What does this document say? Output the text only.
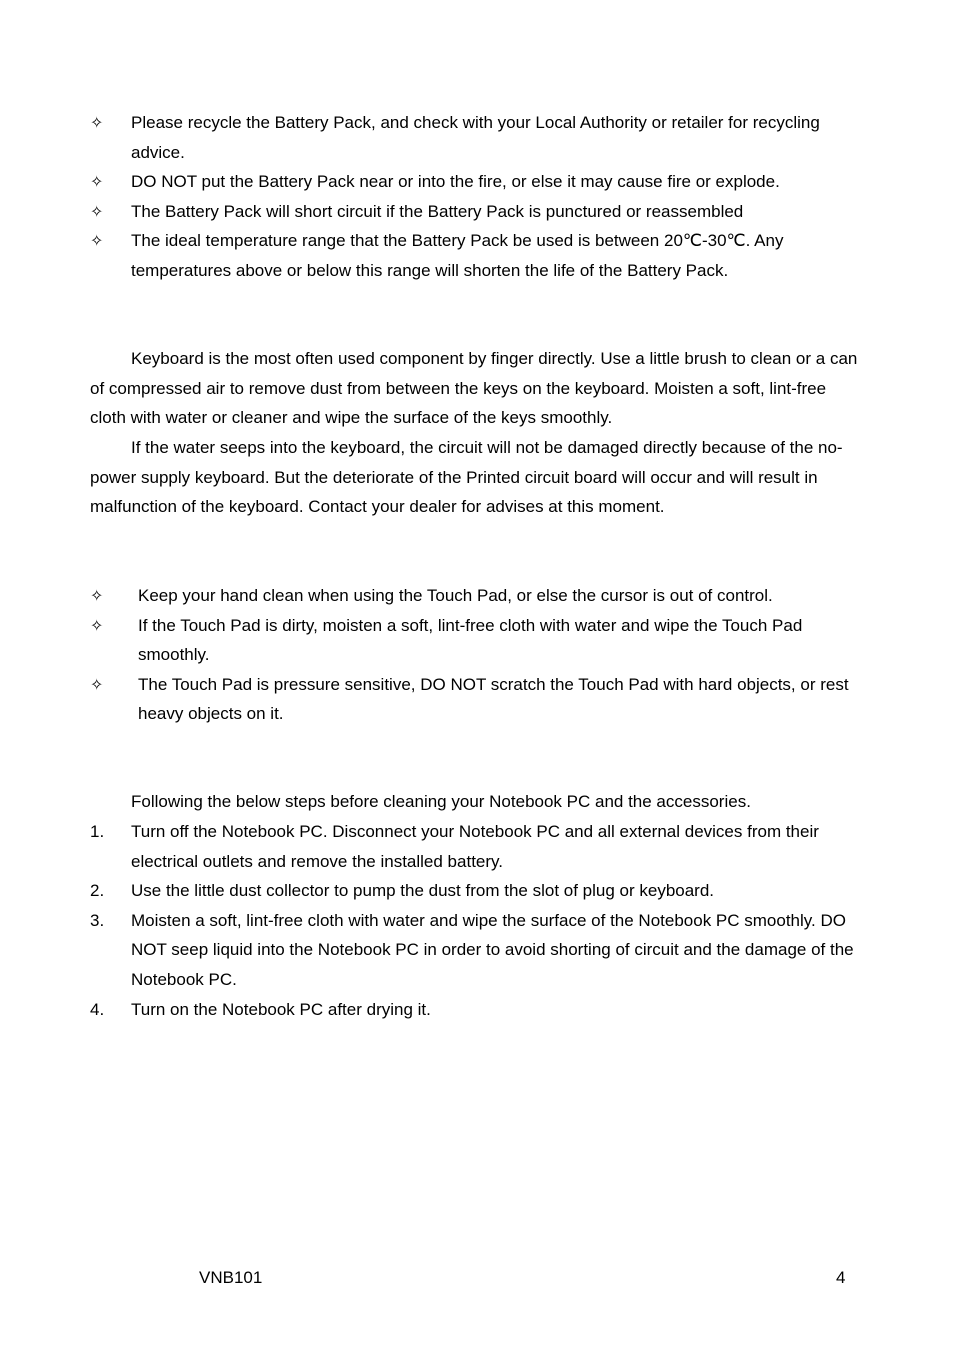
✧	Please recycle the Battery Pack, and check with your Local Authority or retailer for recycling advice.
✧	DO NOT put the Battery Pack near or into the fire, or else it may cause fire or explode.
✧	The Battery Pack will short circuit if the Battery Pack is punctured or reassembled
✧	The ideal temperature range that the Battery Pack be used is between 20℃-30℃. Any temperatures above or below this range will shorten the life of the Battery Pack.

Keyboard is the most often used component by finger directly. Use a little brush to clean or a can of compressed air to remove dust from between the keys on the keyboard. Moisten a soft, lint-free cloth with water or cleaner and wipe the surface of the keys smoothly.

If the water seeps into the keyboard, the circuit will not be damaged directly because of the no-power supply keyboard. But the deteriorate of the Printed circuit board will occur and will result in malfunction of the keyboard. Contact your dealer for advises at this moment.

✧	Keep your hand clean when using the Touch Pad, or else the cursor is out of control.
✧	If the Touch Pad is dirty, moisten a soft, lint-free cloth with water and wipe the Touch Pad smoothly.
✧	The Touch Pad is pressure sensitive, DO NOT scratch the Touch Pad with hard objects, or rest heavy objects on it.

Following the below steps before cleaning your Notebook PC and the accessories.

1. Turn off the Notebook PC. Disconnect your Notebook PC and all external devices from their electrical outlets and remove the installed battery.
2. Use the little dust collector to pump the dust from the slot of plug or keyboard.
3. Moisten a soft, lint-free cloth with water and wipe the surface of the Notebook PC smoothly. DO NOT seep liquid into the Notebook PC in order to avoid shorting of circuit and the damage of the Notebook PC.
4. Turn on the Notebook PC after drying it.
VNB101	4
